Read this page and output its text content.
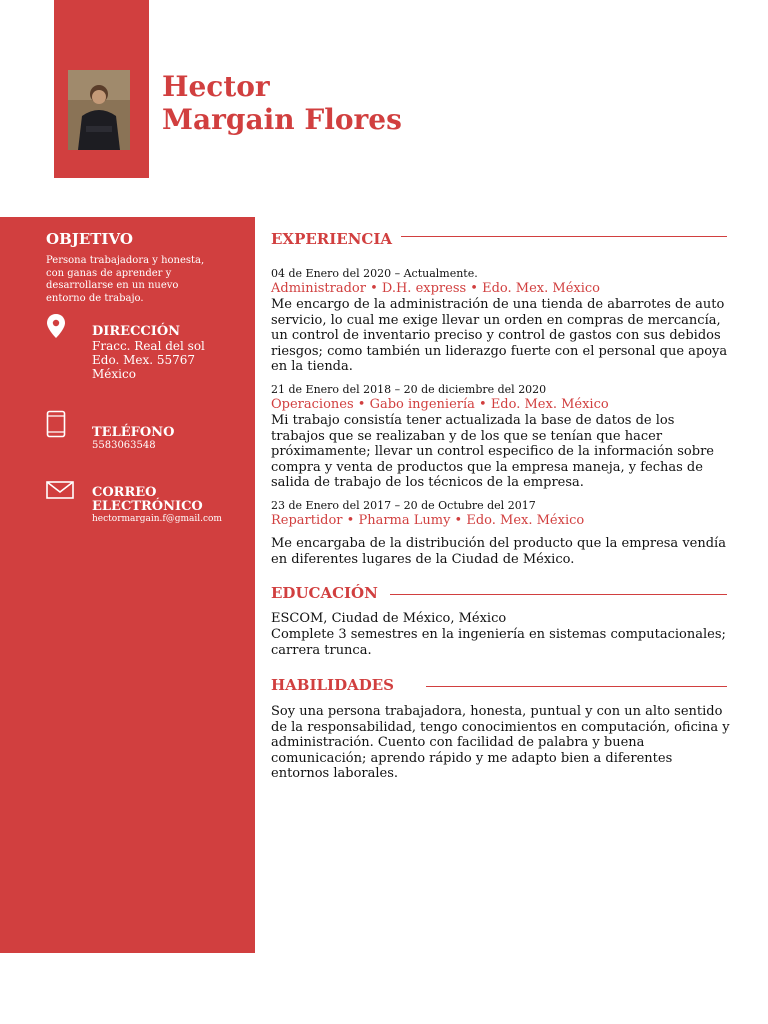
Hector
Margain Flores
OBJETIVO
Persona trabajadora y honesta, con ganas de aprender y desarrollarse en un nuevo entorno de trabajo.
DIRECCIÓN
Fracc. Real del sol
Edo. Mex. 55767
México
TELÉFONO
5583063548
CORREO
ELECTRÓNICO
hectormargain.f@gmail.com
EXPERIENCIA
04 de Enero del 2020 – Actualmente.
Administrador • D.H. express • Edo. Mex. México
Me encargo de la administración de una tienda de abarrotes de auto servicio, lo cual me exige llevar un orden en compras de mercancía, un control de inventario preciso y control de gastos con sus debidos riesgos; como también un liderazgo fuerte con el personal que apoya en la tienda.
21 de Enero del 2018 – 20 de diciembre del 2020
Operaciones • Gabo ingeniería • Edo. Mex. México
Mi trabajo consistía tener actualizada la base de datos de los trabajos que se realizaban y de los que se tenían que hacer próximamente; llevar un control especifico de la información sobre compra y venta de productos que la empresa maneja, y fechas de salida de trabajo de los técnicos de la empresa.
23 de Enero del 2017 – 20 de Octubre del 2017
Repartidor • Pharma Lumy • Edo. Mex. México
Me encargaba de la distribución del producto que la empresa vendía en diferentes lugares de la Ciudad de México.
EDUCACIÓN
ESCOM, Ciudad de México, México
Complete 3 semestres en la ingeniería en sistemas computacionales; carrera trunca.
HABILIDADES
Soy una persona trabajadora, honesta, puntual y con un alto sentido de la responsabilidad, tengo conocimientos en computación, oficina y administración. Cuento con facilidad de palabra y buena comunicación; aprendo rápido y me adapto bien a diferentes entornos laborales.
